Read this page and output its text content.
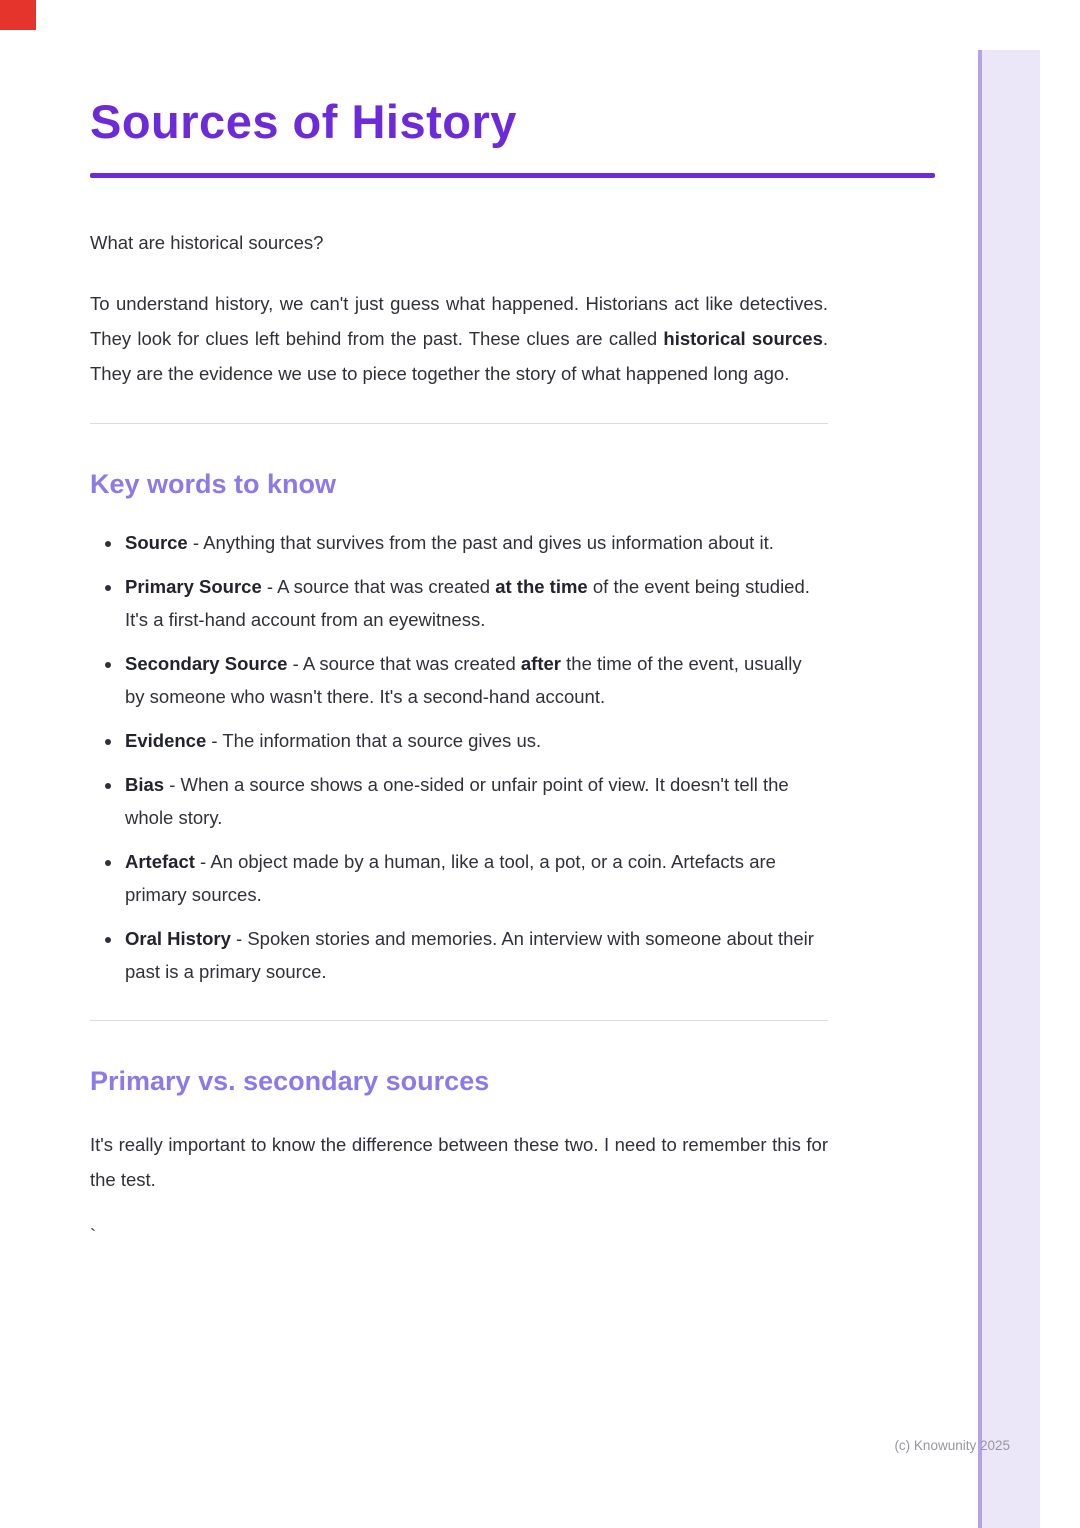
Sources of History

What are historical sources?

To understand history, we can't just guess what happened. Historians act like detectives. They look for clues left behind from the past. These clues are called historical sources. They are the evidence we use to piece together the story of what happened long ago.

Key words to know
• Source - Anything that survives from the past and gives us information about it.
• Primary Source - A source that was created at the time of the event being studied. It's a first-hand account from an eyewitness.
• Secondary Source - A source that was created after the time of the event, usually by someone who wasn't there. It's a second-hand account.
• Evidence - The information that a source gives us.
• Bias - When a source shows a one-sided or unfair point of view. It doesn't tell the whole story.
• Artefact - An object made by a human, like a tool, a pot, or a coin. Artefacts are primary sources.
• Oral History - Spoken stories and memories. An interview with someone about their past is a primary source.
Primary vs. secondary sources

It's really important to know the difference between these two. I need to remember this for the test.

`

(c) Knowunity 2025
